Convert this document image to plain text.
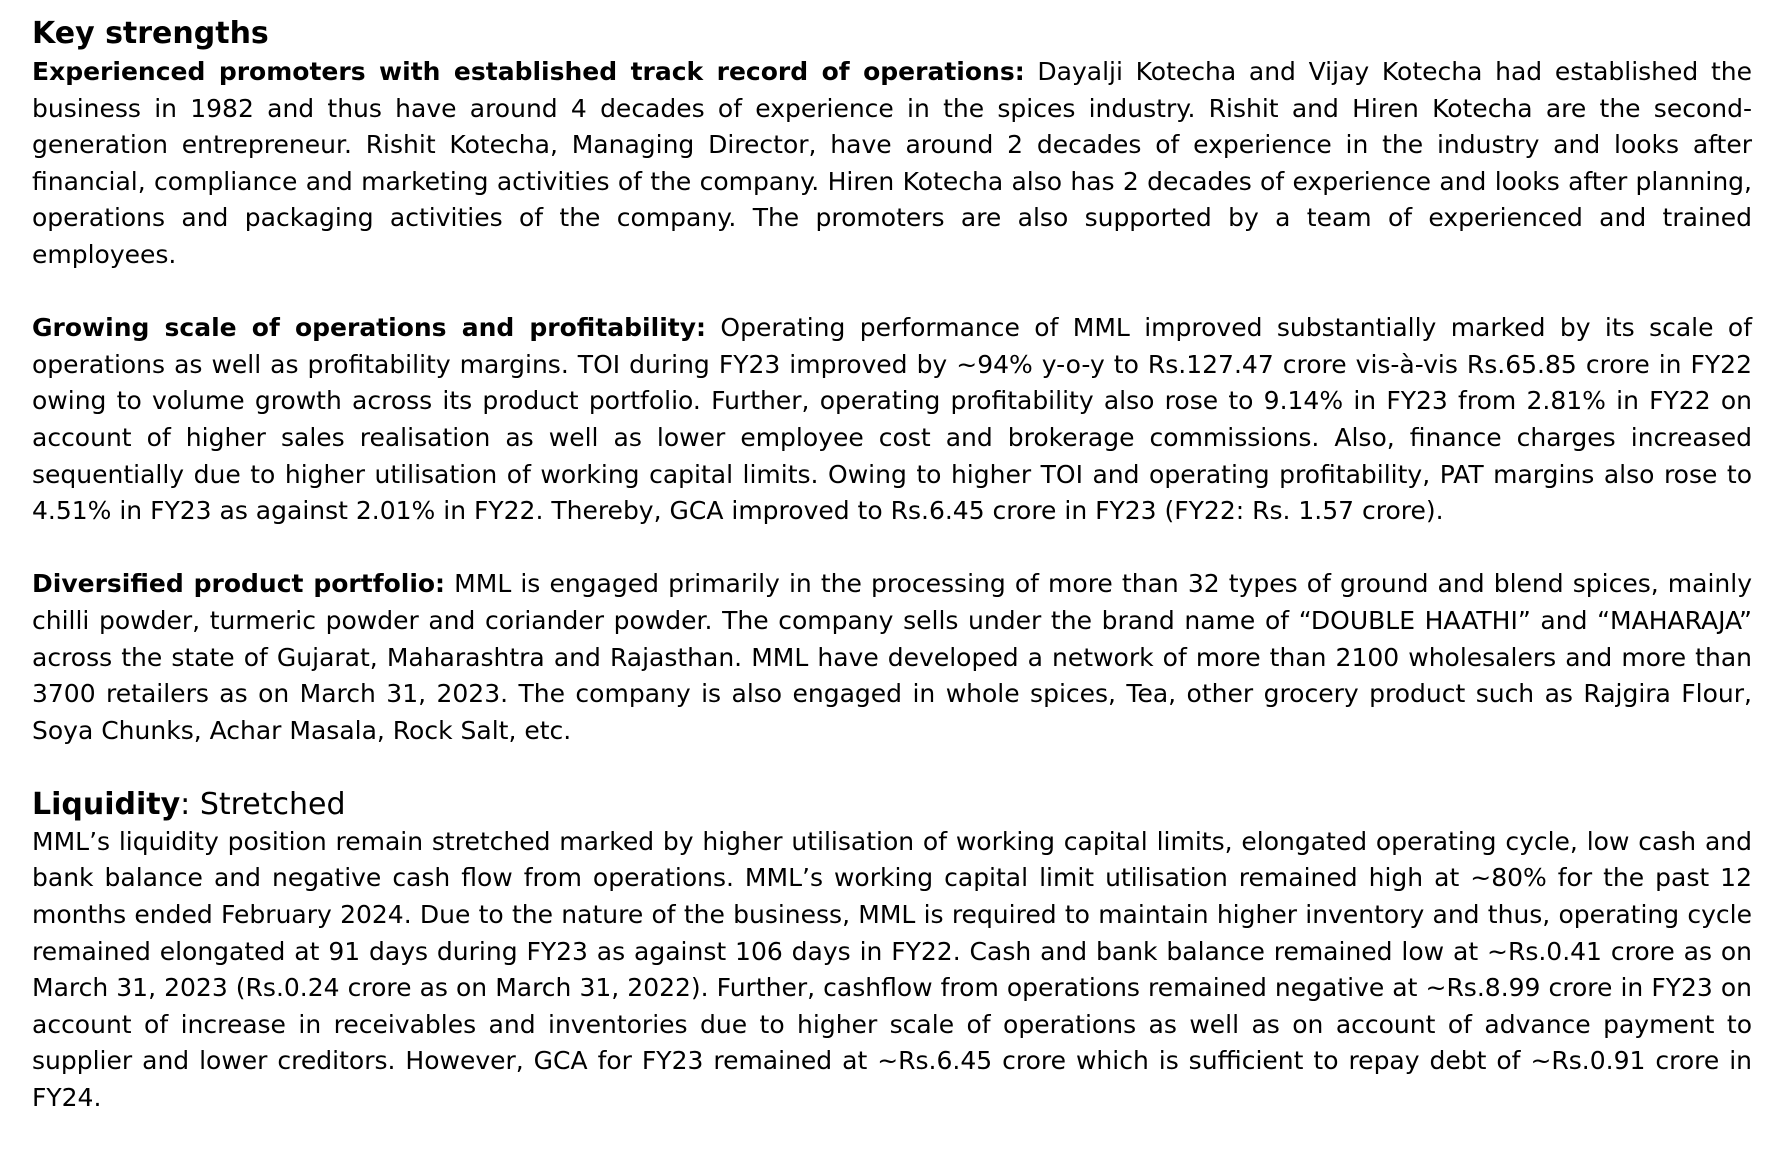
Key strengths

Experienced promoters with established track record of operations: Dayalji Kotecha and Vijay Kotecha had established the business in 1982 and thus have around 4 decades of experience in the spices industry. Rishit and Hiren Kotecha are the second-generation entrepreneur. Rishit Kotecha, Managing Director, have around 2 decades of experience in the industry and looks after financial, compliance and marketing activities of the company. Hiren Kotecha also has 2 decades of experience and looks after planning, operations and packaging activities of the company. The promoters are also supported by a team of experienced and trained employees.

Growing scale of operations and profitability: Operating performance of MML improved substantially marked by its scale of operations as well as profitability margins. TOI during FY23 improved by ~94% y-o-y to Rs.127.47 crore vis-à-vis Rs.65.85 crore in FY22 owing to volume growth across its product portfolio. Further, operating profitability also rose to 9.14% in FY23 from 2.81% in FY22 on account of higher sales realisation as well as lower employee cost and brokerage commissions. Also, finance charges increased sequentially due to higher utilisation of working capital limits. Owing to higher TOI and operating profitability, PAT margins also rose to 4.51% in FY23 as against 2.01% in FY22. Thereby, GCA improved to Rs.6.45 crore in FY23 (FY22: Rs. 1.57 crore).

Diversified product portfolio: MML is engaged primarily in the processing of more than 32 types of ground and blend spices, mainly chilli powder, turmeric powder and coriander powder. The company sells under the brand name of “DOUBLE HAATHI” and “MAHARAJA” across the state of Gujarat, Maharashtra and Rajasthan. MML have developed a network of more than 2100 wholesalers and more than 3700 retailers as on March 31, 2023. The company is also engaged in whole spices, Tea, other grocery product such as Rajgira Flour, Soya Chunks, Achar Masala, Rock Salt, etc.

Liquidity: Stretched

MML’s liquidity position remain stretched marked by higher utilisation of working capital limits, elongated operating cycle, low cash and bank balance and negative cash flow from operations. MML’s working capital limit utilisation remained high at ~80% for the past 12 months ended February 2024. Due to the nature of the business, MML is required to maintain higher inventory and thus, operating cycle remained elongated at 91 days during FY23 as against 106 days in FY22. Cash and bank balance remained low at ~Rs.0.41 crore as on March 31, 2023 (Rs.0.24 crore as on March 31, 2022). Further, cashflow from operations remained negative at ~Rs.8.99 crore in FY23 on account of increase in receivables and inventories due to higher scale of operations as well as on account of advance payment to supplier and lower creditors. However, GCA for FY23 remained at ~Rs.6.45 crore which is sufficient to repay debt of ~Rs.0.91 crore in FY24.
